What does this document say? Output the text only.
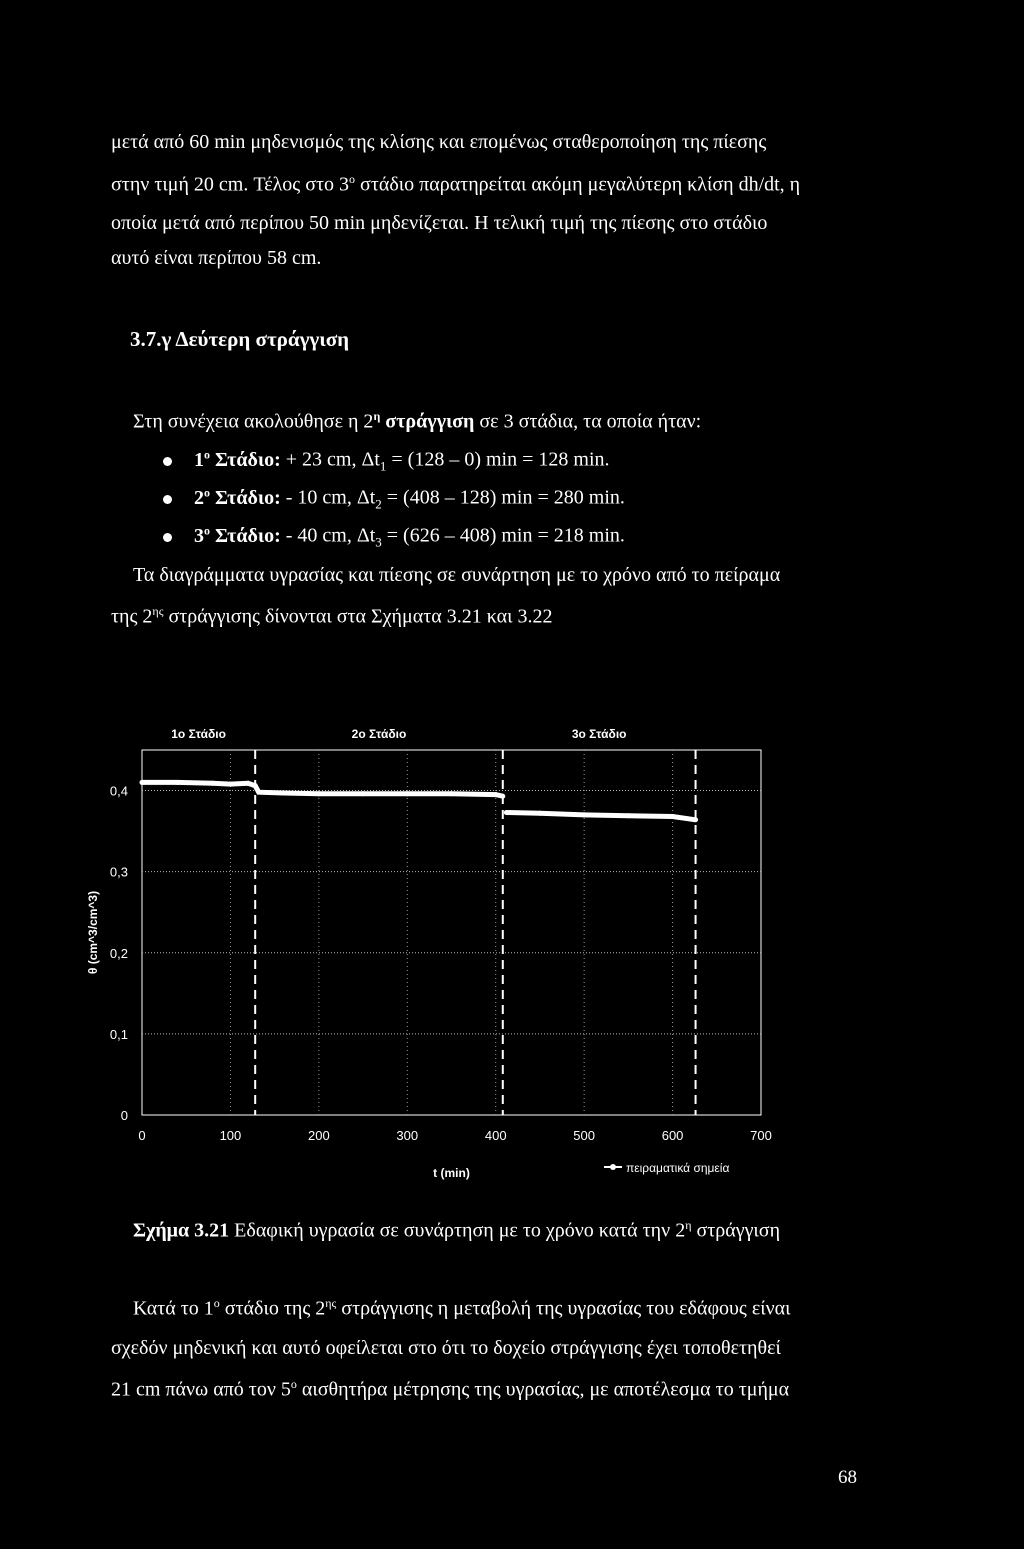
μετά από 60 min μηδενισμός της κλίσης και επομένως σταθεροποίηση της πίεσης
στην τιμή 20 cm. Τέλος στο $3^o$ στάδιο παρατηρείται ακόμη μεγαλύτερη κλίση dh/dt, η
οποία μετά από περίπου 50 min μηδενίζεται. Η τελική τιμή της πίεσης στο στάδιο
αυτό είναι περίπου 58 cm.
3.7.γ Δεύτερη στράγγιση
Στη συνέχεια ακολούθησε η $2^\eta$ στράγγιση σε 3 στάδια, τα οποία ήταν:
$1^o$ Στάδιο: + 23 cm, $\Delta t_1 = (128 - 0) \min = 128$ min.
$2^o$ Στάδιο: - 10 cm, $\Delta t_2 = (408 - 128) \min = 280$ min.
$3^o$ Στάδιο: - 40 cm, $\Delta t_3 = (626 - 408) \min = 218$ min.
Τα διαγράμματα υγρασίας και πίεσης σε συνάρτηση με το χρόνο από το πείραμα
της $2^{\eta\varsigma}$ στράγγισης δίνονται στα Σχήματα 3.21 και 3.22
0
0,1
0,2
0,3
0,4
0	100	200	300	400	500	600	700
1o Στάδιο	2o Στάδιο	3o Στάδιο
t (min)
θ (cm^3/cm^3)
πειραματικά σημεία
Σχήμα 3.21 Εδαφική υγρασία σε συνάρτηση με το χρόνο κατά την $2^\eta$ στράγγιση
Κατά το $1^o$ στάδιο της $2^{\eta\varsigma}$ στράγγισης η μεταβολή της υγρασίας του εδάφους είναι
σχεδόν μηδενική και αυτό οφείλεται στο ότι το δοχείο στράγγισης έχει τοποθετηθεί
21 cm πάνω από τον $5^o$ αισθητήρα μέτρησης της υγρασίας, με αποτέλεσμα το τμήμα
68
